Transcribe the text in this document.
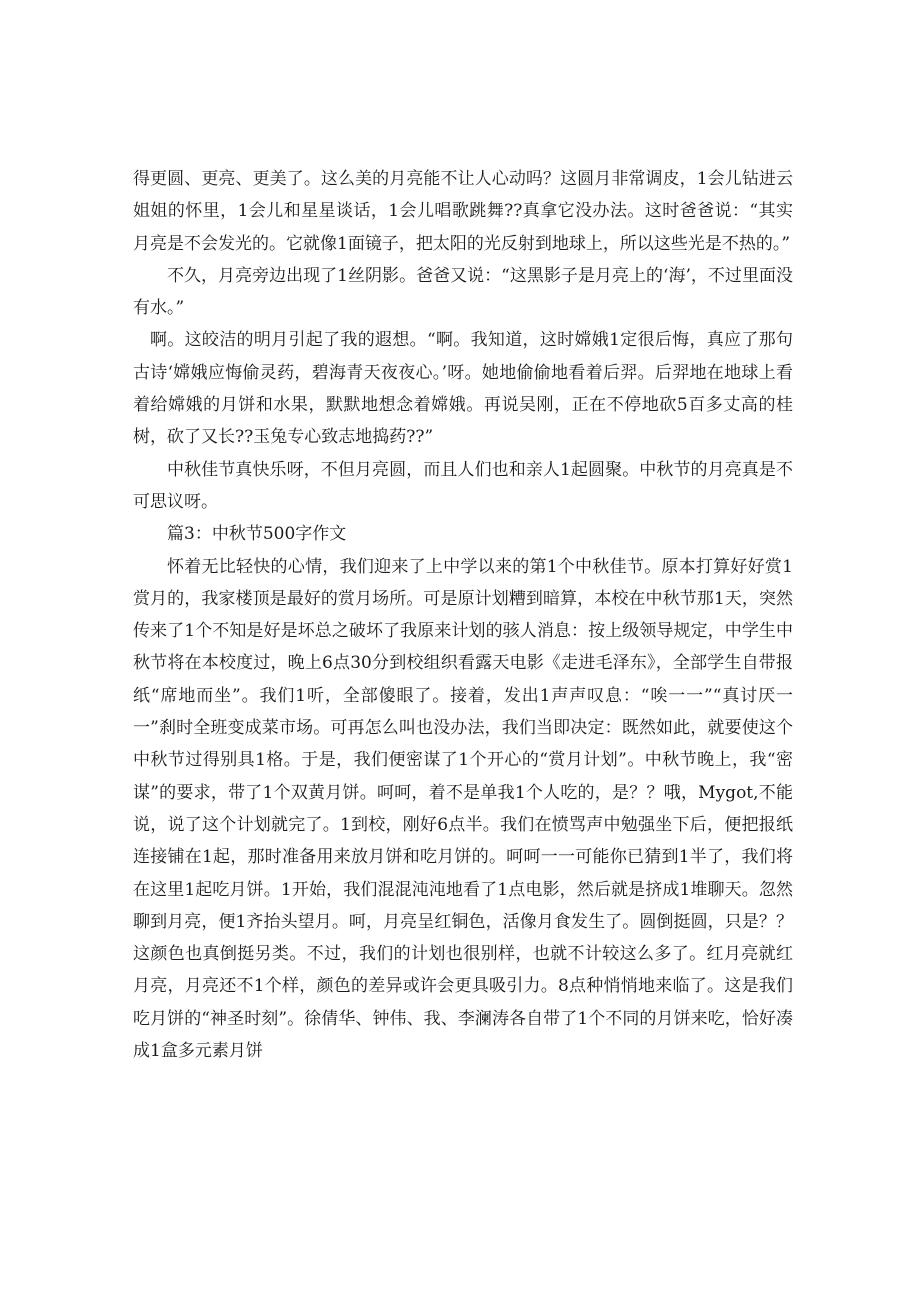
得更圆、更亮、更美了。这么美的月亮能不让人心动吗？这圆月非常调皮，1会儿钻进云姐姐的怀里，1会儿和星星谈话，1会儿唱歌跳舞??真拿它没办法。这时爸爸说：“其实月亮是不会发光的。它就像1面镜子，把太阳的光反射到地球上，所以这些光是不热的。”

不久，月亮旁边出现了1丝阴影。爸爸又说：“这黑影子是月亮上的‘海’，不过里面没有水。”

啊。这皎洁的明月引起了我的遐想。“啊。我知道，这时嫦娥1定很后悔，真应了那句古诗‘嫦娥应悔偷灵药，碧海青天夜夜心。’呀。她地偷偷地看着后羿。后羿地在地球上看着给嫦娥的月饼和水果，默默地想念着嫦娥。再说吴刚，正在不停地砍5百多丈高的桂树，砍了又长??玉兔专心致志地捣药??”

中秋佳节真快乐呀，不但月亮圆，而且人们也和亲人1起圆聚。中秋节的月亮真是不可思议呀。

篇3：中秋节500字作文

怀着无比轻快的心情，我们迎来了上中学以来的第1个中秋佳节。原本打算好好赏1赏月的，我家楼顶是最好的赏月场所。可是原计划糟到暗算，本校在中秋节那1天，突然传来了1个不知是好是坏总之破坏了我原来计划的骇人消息：按上级领导规定，中学生中秋节将在本校度过，晚上6点30分到校组织看露天电影《走进毛泽东》，全部学生自带报纸“席地而坐”。我们1听，全部傻眼了。接着，发出1声声叹息：“唉一一”“真讨厌一一”刹时全班变成菜市场。可再怎么叫也没办法，我们当即决定：既然如此，就要使这个中秋节过得别具1格。于是，我们便密谋了1个开心的“赏月计划”。中秋节晚上，我“密谋”的要求，带了1个双黄月饼。呵呵，着不是单我1个人吃的，是？？哦，Mygot,不能说，说了这个计划就完了。1到校，刚好6点半。我们在愤骂声中勉强坐下后，便把报纸连接铺在1起，那时准备用来放月饼和吃月饼的。呵呵一一可能你已猜到1半了，我们将在这里1起吃月饼。1开始，我们混混沌沌地看了1点电影，然后就是挤成1堆聊天。忽然聊到月亮，便1齐抬头望月。呵，月亮呈红铜色，活像月食发生了。圆倒挺圆，只是？？这颜色也真倒挺另类。不过，我们的计划也很别样，也就不计较这么多了。红月亮就红月亮，月亮还不1个样，颜色的差异或许会更具吸引力。8点种悄悄地来临了。这是我们吃月饼的“神圣时刻”。徐倩华、钟伟、我、李澜涛各自带了1个不同的月饼来吃，恰好凑成1盒多元素月饼
